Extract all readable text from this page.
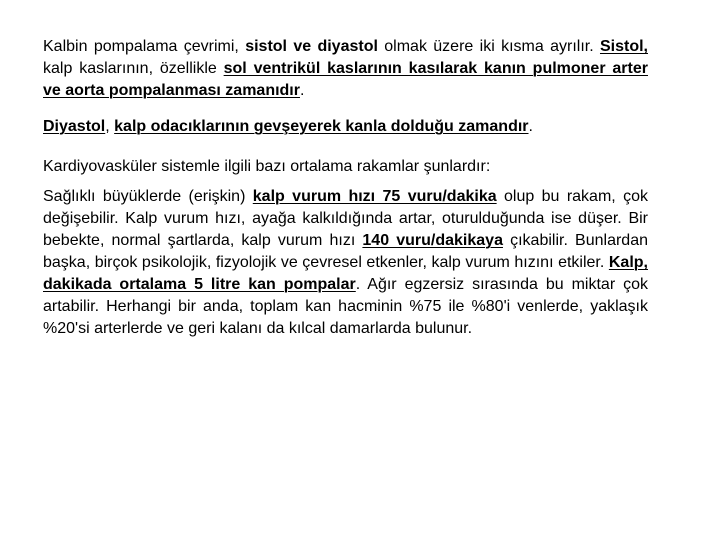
Kalbin pompalama çevrimi, sistol ve diyastol olmak üzere iki kısma ayrılır. Sistol, kalp kaslarının, özellikle sol ventrikül kaslarının kasılarak kanın pulmoner arter ve aorta pompalanması zamanıdır.

Diyastol, kalp odacıklarının gevşeyerek kanla dolduğu zamandır.

Kardiyovasküler sistemle ilgili bazı ortalama rakamlar şunlardır:

Sağlıklı büyüklerde (erişkin) kalp vurum hızı 75 vuru/dakika olup bu rakam, çok değişebilir. Kalp vurum hızı, ayağa kalkıldığında artar, oturulduğunda ise düşer. Bir bebekte, normal şartlarda, kalp vurum hızı 140 vuru/dakikaya çıkabilir. Bunlardan başka, birçok psikolojik, fizyolojik ve çevresel etkenler, kalp vurum hızını etkiler. Kalp, dakikada ortalama 5 litre kan pompalar. Ağır egzersiz sırasında bu miktar çok artabilir. Herhangi bir anda, toplam kan hacminin %75 ile %80'i venlerde, yaklaşık %20'si arterlerde ve geri kalanı da kılcal damarlarda bulunur.
